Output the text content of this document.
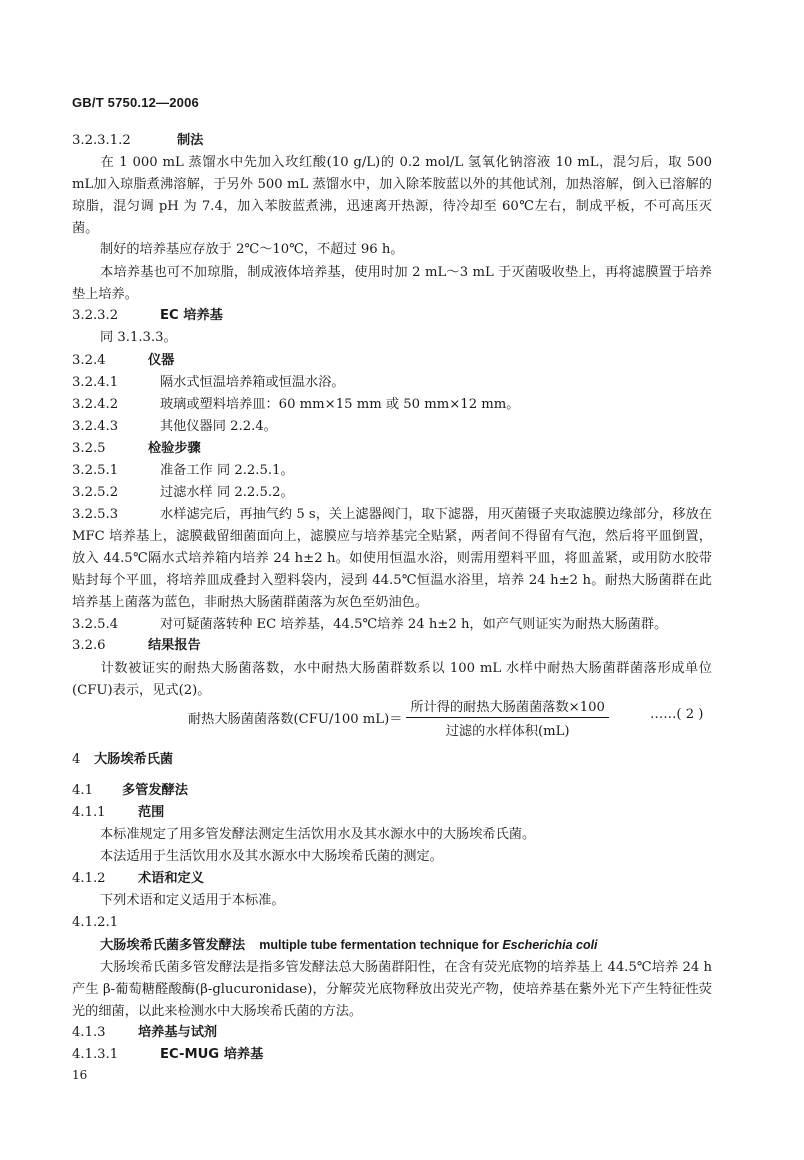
GB/T 5750.12—2006
3.2.3.1.2	制法
在 1 000 mL 蒸馏水中先加入玫红酸(10 g/L)的 0.2 mol/L 氢氧化钠溶液 10 mL，混匀后，取 500 mL加入琼脂煮沸溶解，于另外 500 mL 蒸馏水中，加入除苯胺蓝以外的其他试剂，加热溶解，倒入已溶解的琼脂，混匀调 pH 为 7.4，加入苯胺蓝煮沸，迅速离开热源，待冷却至 60℃左右，制成平板，不可高压灭菌。
制好的培养基应存放于 2℃～10℃，不超过 96 h。
本培养基也可不加琼脂，制成液体培养基，使用时加 2 mL～3 mL 于灭菌吸收垫上，再将滤膜置于培养垫上培养。
3.2.3.2	EC 培养基
同 3.1.3.3。
3.2.4	仪器
3.2.4.1	隔水式恒温培养箱或恒温水浴。
3.2.4.2	玻璃或塑料培养皿：60 mm×15 mm 或 50 mm×12 mm。
3.2.4.3	其他仪器同 2.2.4。
3.2.5	检验步骤
3.2.5.1	准备工作 同 2.2.5.1。
3.2.5.2	过滤水样 同 2.2.5.2。
3.2.5.3	水样滤完后，再抽气约 5 s，关上滤器阀门，取下滤器，用灭菌镊子夹取滤膜边缘部分，移放在 MFC 培养基上，滤膜截留细菌面向上，滤膜应与培养基完全贴紧，两者间不得留有气泡，然后将平皿倒置，放入 44.5℃隔水式培养箱内培养 24 h±2 h。如使用恒温水浴，则需用塑料平皿，将皿盖紧，或用防水胶带贴封每个平皿，将培养皿成叠封入塑料袋内，浸到 44.5℃恒温水浴里，培养 24 h±2 h。耐热大肠菌群在此培养基上菌落为蓝色，非耐热大肠菌群菌落为灰色至奶油色。
3.2.5.4	对可疑菌落转种 EC 培养基，44.5℃培养 24 h±2 h，如产气则证实为耐热大肠菌群。
3.2.6	结果报告
计数被证实的耐热大肠菌落数，水中耐热大肠菌群数系以 100 mL 水样中耐热大肠菌群菌落形成单位(CFU)表示，见式(2)。
耐热大肠菌菌落数(CFU/100 $mL)= \frac{\text{所计得的耐热大肠菌菌落数×100}}{\text{过滤的水样体积(mL)}}$	……( 2 )
4 大肠埃希氏菌
4.1 多管发酵法
4.1.1 范围
本标准规定了用多管发酵法测定生活饮用水及其水源水中的大肠埃希氏菌。
本法适用于生活饮用水及其水源水中大肠埃希氏菌的测定。
4.1.2 术语和定义
下列术语和定义适用于本标准。
4.1.2.1
大肠埃希氏菌多管发酵法 multiple tube fermentation technique for Escherichia coli
大肠埃希氏菌多管发酵法是指多管发酵法总大肠菌群阳性，在含有荧光底物的培养基上 44.5℃培养 24 h 产生 β-葡萄糖醛酸酶(β-glucuronidase)，分解荧光底物释放出荧光产物，使培养基在紫外光下产生特征性荧光的细菌，以此来检测水中大肠埃希氏菌的方法。
4.1.3 培养基与试剂
4.1.3.1	EC-MUG 培养基
16
